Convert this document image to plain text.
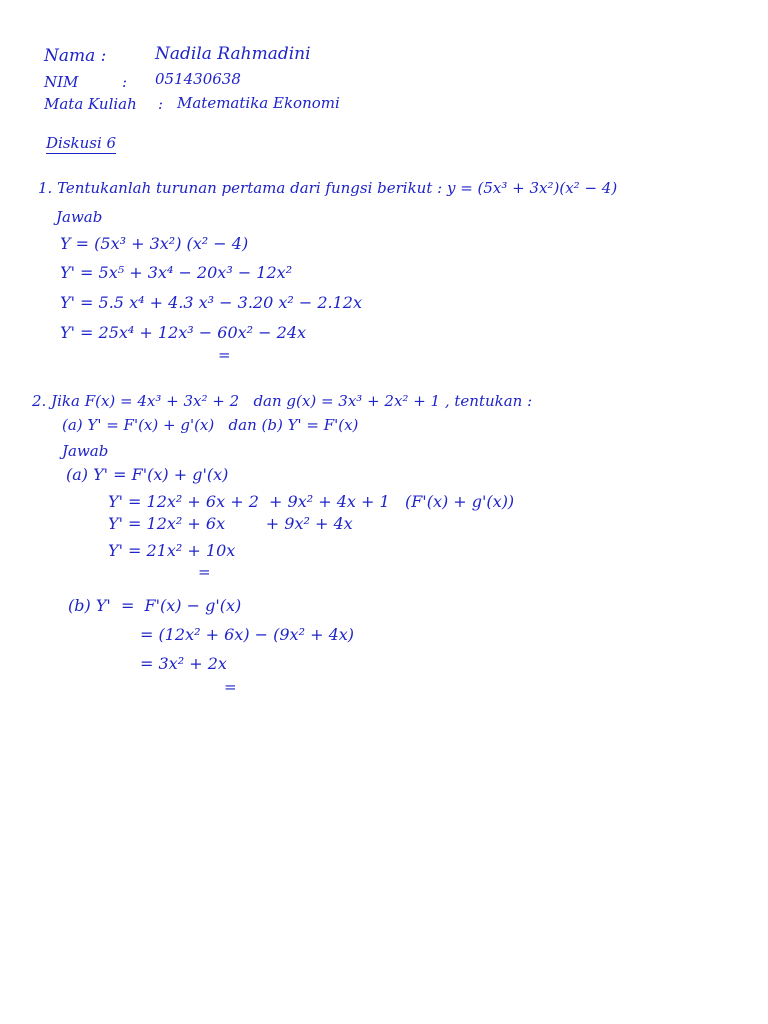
Nama :	Nadila Rahmadini
NIM	: 051430638
Mata Kuliah : Matematika Ekonomi
Diskusi 6
1. Tentukanlah turunan pertama dari fungsi berikut : y = (5x³ + 3x²)(x² − 4)
Jawab
Y = (5x³ + 3x²) (x² − 4)
Y' = 5x⁵ + 3x⁴ − 20x³ − 12x²
Y' = 5.5 x⁴ + 4.3 x³ − 3.20 x² − 2.12x
Y' = 25x⁴ + 12x³ − 60x² − 24x
=
2. Jika F(x) = 4x³ + 3x² + 2   dan g(x) = 3x³ + 2x² + 1 , tentukan :
(a) Y' = F'(x) + g'(x)   dan (b) Y' = F'(x)
Jawab
(a) Y' = F'(x) + g'(x)
Y' = 12x² + 6x + 2  + 9x² + 4x + 1   (F'(x) + g'(x))
Y' = 12x² + 6x        + 9x² + 4x
Y' = 21x² + 10x
=
(b) Y'  =  F'(x) − g'(x)
= (12x² + 6x) − (9x² + 4x)
= 3x² + 2x
=
